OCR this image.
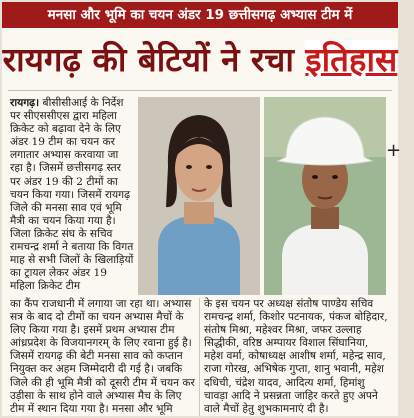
मनसा और भूमि का चयन अंडर 19 छत्तीसगढ़ अभ्यास टीम में
रायगढ़ की बेटियों ने रचा इतिहास

रायगढ़। बीसीसीआई के निर्देश पर सीएससीएस द्वारा महिला क्रिकेट को बढ़ावा देने के लिए अंडर 19 टीम का चयन कर लगातार अभ्यास करवाया जा रहा है। जिसमें छत्तीसगढ़ स्तर पर अंडर 19 की 2 टीमों का चयन किया गया। जिसमें रायगढ़ जिले की मनसा साव एवं भूमि मैत्री का चयन किया गया है। जिला क्रिकेट संघ के सचिव रामचन्द्र शर्मा ने बताया कि विगत माह से सभी जिलों के खिलाड़ियों का ट्रायल लेकर अंडर 19 महिला क्रिकेट टीम

+

का कैंप राजधानी में लगाया जा रहा था। अभ्यास सत्र के बाद दो टीमों का चयन अभ्यास मैचों के लिए किया गया है। इसमें प्रथम अभ्यास टीम आंध्रप्रदेश के विजयानगरम् के लिए रवाना हुई है। जिसमें रायगढ़ की बेटी मनसा साव को कप्तान नियुक्त कर अहम जिम्मेदारी दी गई है। जबकि जिले की ही भूमि मैत्री को दूसरी टीम में चयन कर उड़ीसा के साथ होने वाले अभ्यास मैच के लिए टीम में स्थान दिया गया है। मनसा और भूमि

के इस चयन पर अध्यक्ष संतोष पाण्डेय सचिव रामचन्द्र शर्मा, किशोर पटनायक, पंकज बोहिदार, संतोष मिश्रा, महेश्वर मिश्रा, जफर उल्लाह सिद्धीकी, वरिष्ठ अम्पायर विशाल सिंघानिया, महेश वर्मा, कोषाध्यक्ष आशीष शर्मा, महेन्द्र साव, राजा गोरख, अभिषेक गुप्ता, शानु भवानी, महेश दधिची, चंद्रेश यादव, आदित्य शर्मा, हिमांशु चावड़ा आदि ने प्रसन्नता जाहिर करते हुए अपने वाले मैचों हेतु शुभकामनाएं दी है।
